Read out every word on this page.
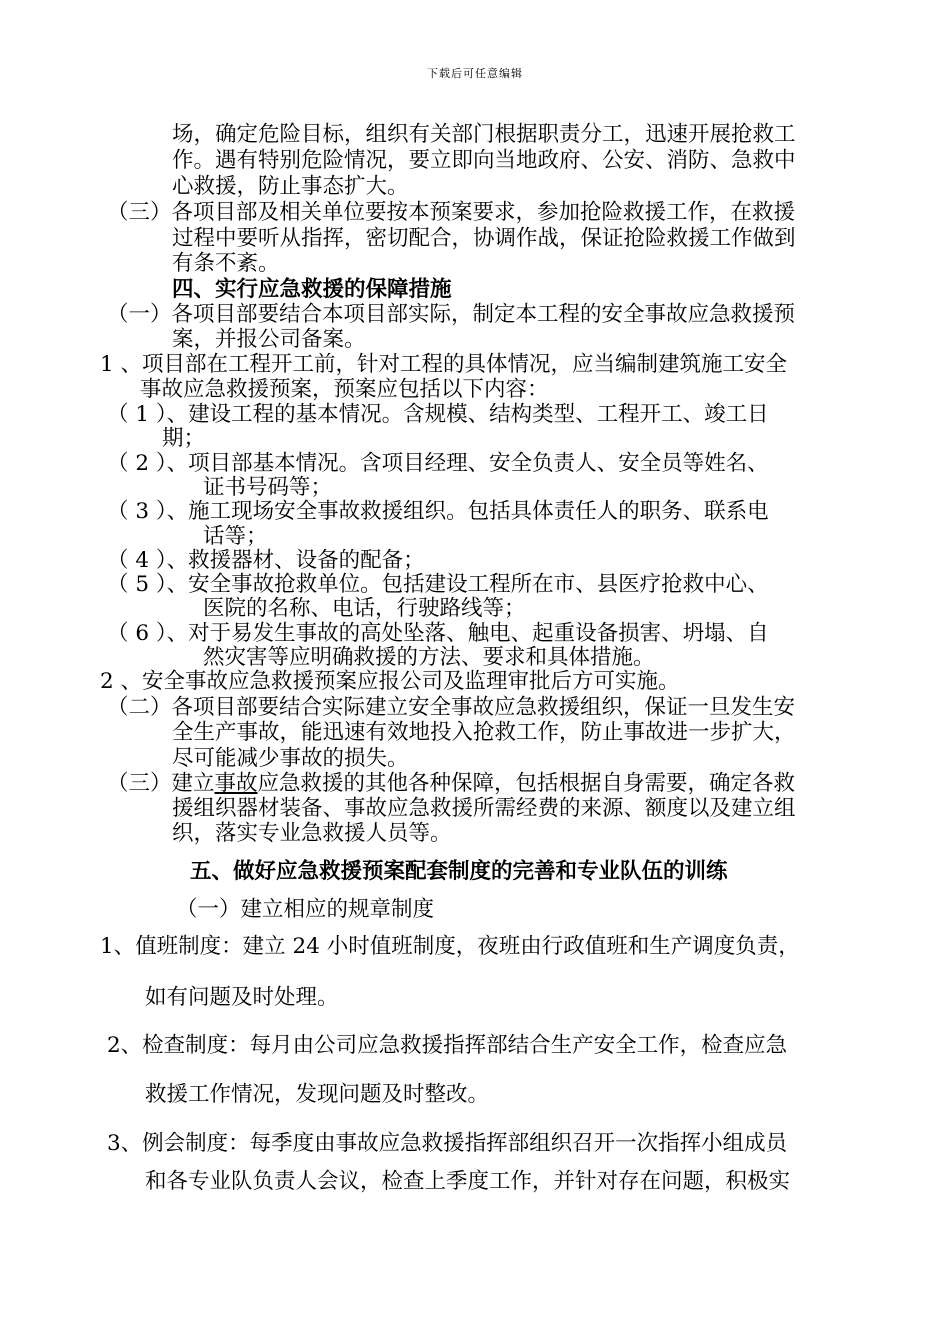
下载后可任意编辑
场，确定危险目标，组织有关部门根据职责分工，迅速开展抢救工
作。遇有特别危险情况，要立即向当地政府、公安、消防、急救中
心救援，防止事态扩大。
（三）各项目部及相关单位要按本预案要求，参加抢险救援工作，在救援
过程中要听从指挥，密切配合，协调作战，保证抢险救援工作做到
有条不紊。
四、实行应急救援的保障措施
（一）各项目部要结合本项目部实际，制定本工程的安全事故应急救援预
案，并报公司备案。
1 、项目部在工程开工前，针对工程的具体情况，应当编制建筑施工安全
事故应急救援预案，预案应包括以下内容：
（ 1 ）、建设工程的基本情况。含规模、结构类型、工程开工、竣工日
期；
（ 2 ）、项目部基本情况。含项目经理、安全负责人、安全员等姓名、
证书号码等；
（ 3 ）、施工现场安全事故救援组织。包括具体责任人的职务、联系电
话等；
（ 4 ）、救援器材、设备的配备；
（ 5 ）、安全事故抢救单位。包括建设工程所在市、县医疗抢救中心、
医院的名称、电话，行驶路线等；
（ 6 ）、对于易发生事故的高处坠落、触电、起重设备损害、坍塌、自
然灾害等应明确救援的方法、要求和具体措施。
2 、安全事故应急救援预案应报公司及监理审批后方可实施。
（二）各项目部要结合实际建立安全事故应急救援组织，保证一旦发生安
全生产事故，能迅速有效地投入抢救工作，防止事故进一步扩大，
尽可能减少事故的损失。
（三）建立事故应急救援的其他各种保障，包括根据自身需要，确定各救
援组织器材装备、事故应急救援所需经费的来源、额度以及建立组
织，落实专业急救援人员等。
五、做好应急救援预案配套制度的完善和专业队伍的训练
（一）建立相应的规章制度
1、值班制度：建立 24 小时值班制度，夜班由行政值班和生产调度负责，
如有问题及时处理。
2、检查制度：每月由公司应急救援指挥部结合生产安全工作，检查应急
救援工作情况，发现问题及时整改。
3、例会制度：每季度由事故应急救援指挥部组织召开一次指挥小组成员
和各专业队负责人会议，检查上季度工作，并针对存在问题，积极实
